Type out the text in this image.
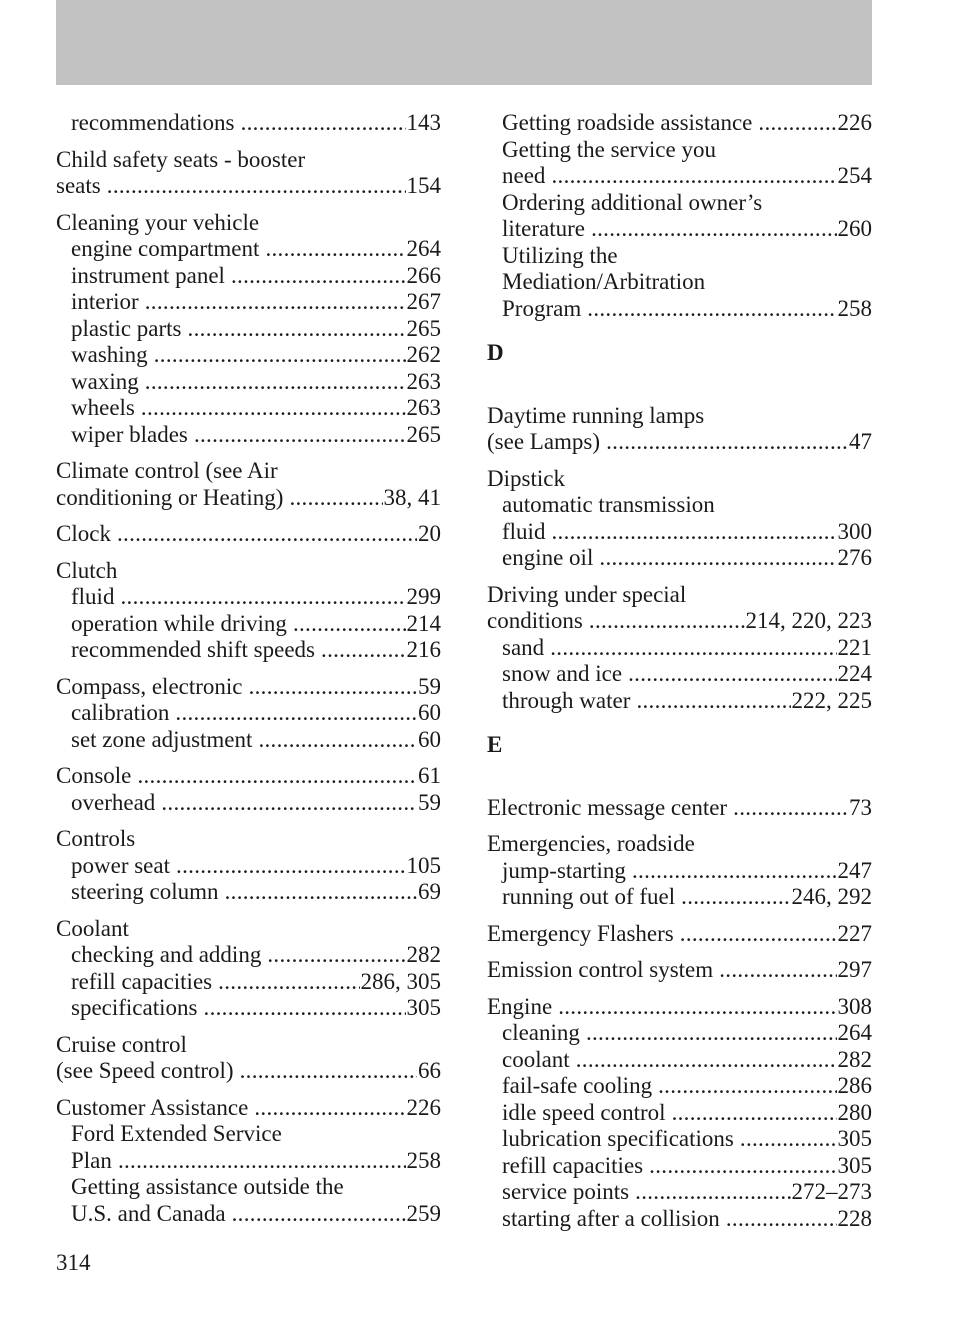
recommendations	143
.....
Child safety seats - booster
seats	154
.....
Cleaning your vehicle
engine compartment	264
.....
instrument panel	266
.....
interior	267
.....
plastic parts	265
.....
washing	262
.....
waxing	263
.....
wheels	263
.....
wiper blades	265
.....
Climate control (see Air
conditioning or Heating)	38, 41
.....
Clock	20
.....
Clutch
fluid	299
.....
operation while driving	214
.....
recommended shift speeds	216
.....
Compass, electronic	59
.....
calibration	60
.....
set zone adjustment	60
.....
Console	61
.....
overhead	59
.....
Controls
power seat	105
.....
steering column	69
.....
Coolant
checking and adding	282
.....
refill capacities	286, 305
.....
specifications	305
.....
Cruise control
(see Speed control)	66
.....
Customer Assistance	226
.....
Ford Extended Service
Plan	258
.....
Getting assistance outside the
U.S. and Canada	259
.....
Getting roadside assistance	226
.....
Getting the service you
need	254
.....
Ordering additional owner’s
literature	260
.....
Utilizing the
Mediation/Arbitration
Program	258
.....
D
Daytime running lamps
(see Lamps)	47
.....
Dipstick
automatic transmission
fluid	300
.....
engine oil	276
.....
Driving under special
conditions	214, 220, 223
.....
sand	221
.....
snow and ice	224
.....
through water	222, 225
.....
E
Electronic message center	73
.....
Emergencies, roadside
jump-starting	247
.....
running out of fuel	246, 292
.....
Emergency Flashers	227
.....
Emission control system	297
.....
Engine	308
.....
cleaning	264
.....
coolant	282
.....
fail-safe cooling	286
.....
idle speed control	280
.....
lubrication specifications	305
.....
refill capacities	305
.....
service points	272–273
.....
starting after a collision	228
.....
314
